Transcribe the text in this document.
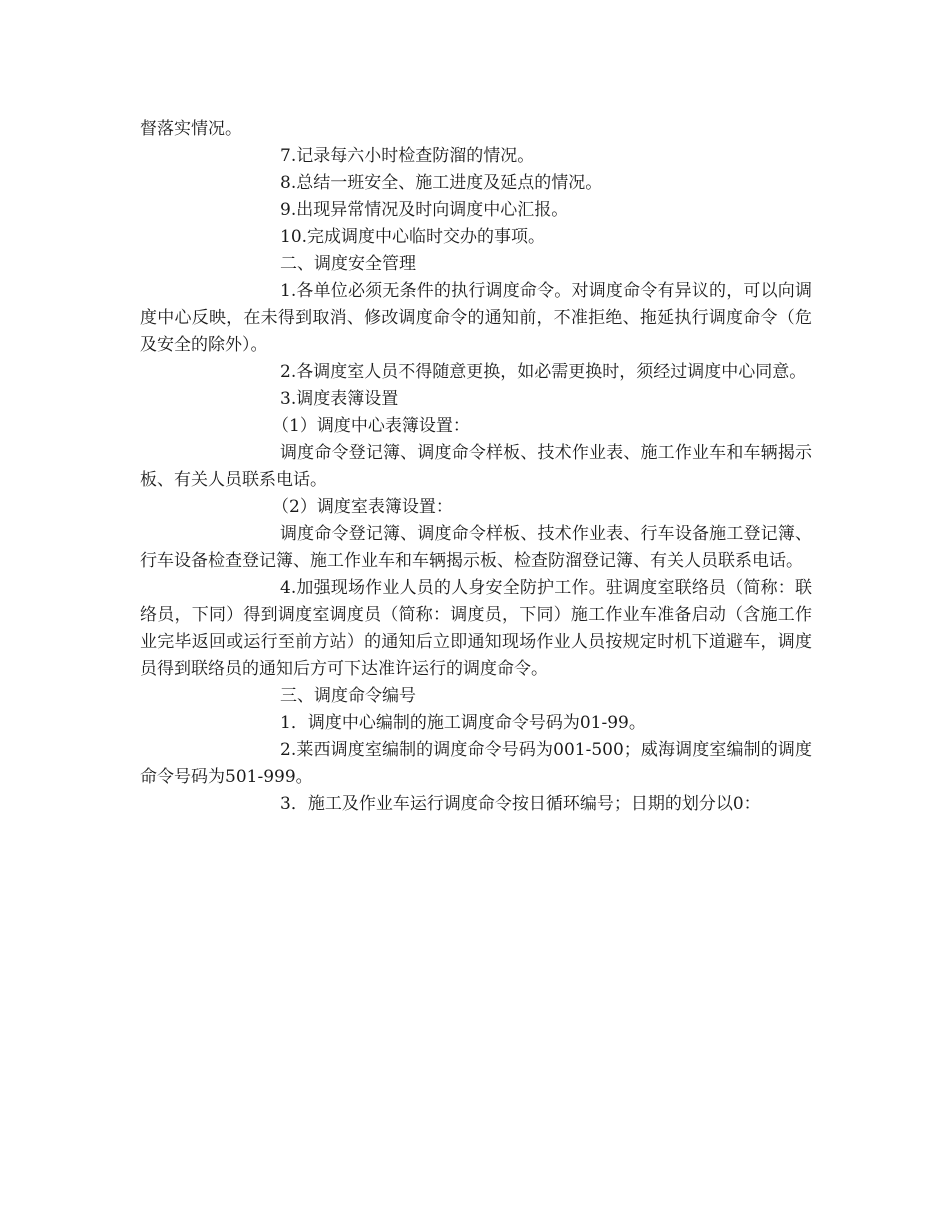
督落实情况。

7.记录每六小时检查防溜的情况。

8.总结一班安全、施工进度及延点的情况。

9.出现异常情况及时向调度中心汇报。

10.完成调度中心临时交办的事项。

二、调度安全管理

1.各单位必须无条件的执行调度命令。对调度命令有异议的，可以向调度中心反映，在未得到取消、修改调度命令的通知前，不准拒绝、拖延执行调度命令（危及安全的除外）。

2.各调度室人员不得随意更换，如必需更换时，须经过调度中心同意。

3.调度表簿设置

（1）调度中心表簿设置：

调度命令登记簿、调度命令样板、技术作业表、施工作业车和车辆揭示板、有关人员联系电话。

（2）调度室表簿设置：

调度命令登记簿、调度命令样板、技术作业表、行车设备施工登记簿、行车设备检查登记簿、施工作业车和车辆揭示板、检查防溜登记簿、有关人员联系电话。

4.加强现场作业人员的人身安全防护工作。驻调度室联络员（简称：联络员，下同）得到调度室调度员（简称：调度员，下同）施工作业车准备启动（含施工作业完毕返回或运行至前方站）的通知后立即通知现场作业人员按规定时机下道避车，调度员得到联络员的通知后方可下达准许运行的调度命令。

三、调度命令编号

1．调度中心编制的施工调度命令号码为01-99。

2.莱西调度室编制的调度命令号码为001-500；威海调度室编制的调度命令号码为501-999。

3．施工及作业车运行调度命令按日循环编号；日期的划分以0：
